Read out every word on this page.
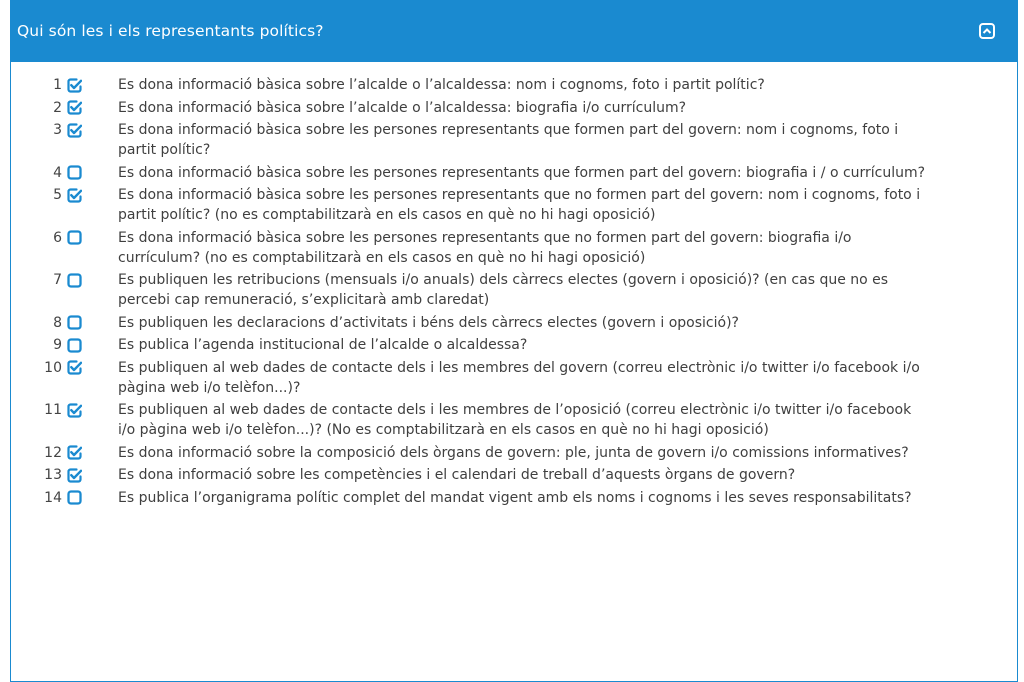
Qui són les i els representants polítics?
1	Es dona informació bàsica sobre l’alcalde o l’alcaldessa: nom i cognoms, foto i partit polític?
2	Es dona informació bàsica sobre l’alcalde o l’alcaldessa: biografia i/o currículum?
3	Es dona informació bàsica sobre les persones representants que formen part del govern: nom i cognoms, foto i partit polític?
4	Es dona informació bàsica sobre les persones representants que formen part del govern: biografia i / o currículum?
5	Es dona informació bàsica sobre les persones representants que no formen part del govern: nom i cognoms, foto i partit polític? (no es comptabilitzarà en els casos en què no hi hagi oposició)
6	Es dona informació bàsica sobre les persones representants que no formen part del govern: biografia i/o currículum? (no es comptabilitzarà en els casos en què no hi hagi oposició)
7	Es publiquen les retribucions (mensuals i/o anuals) dels càrrecs electes (govern i oposició)? (en cas que no es percebi cap remuneració, s’explicitarà amb claredat)
8	Es publiquen les declaracions d’activitats i béns dels càrrecs electes (govern i oposició)?
9	Es publica l’agenda institucional de l’alcalde o alcaldessa?
10	Es publiquen al web dades de contacte dels i les membres del govern (correu electrònic i/o twitter i/o facebook i/o pàgina web i/o telèfon...)?
11	Es publiquen al web dades de contacte dels i les membres de l’oposició (correu electrònic i/o twitter i/o facebook i/o pàgina web i/o telèfon...)? (No es comptabilitzarà en els casos en què no hi hagi oposició)
12	Es dona informació sobre la composició dels òrgans de govern: ple, junta de govern i/o comissions informatives?
13	Es dona informació sobre les competències i el calendari de treball d’aquests òrgans de govern?
14	Es publica l’organigrama polític complet del mandat vigent amb els noms i cognoms i les seves responsabilitats?
